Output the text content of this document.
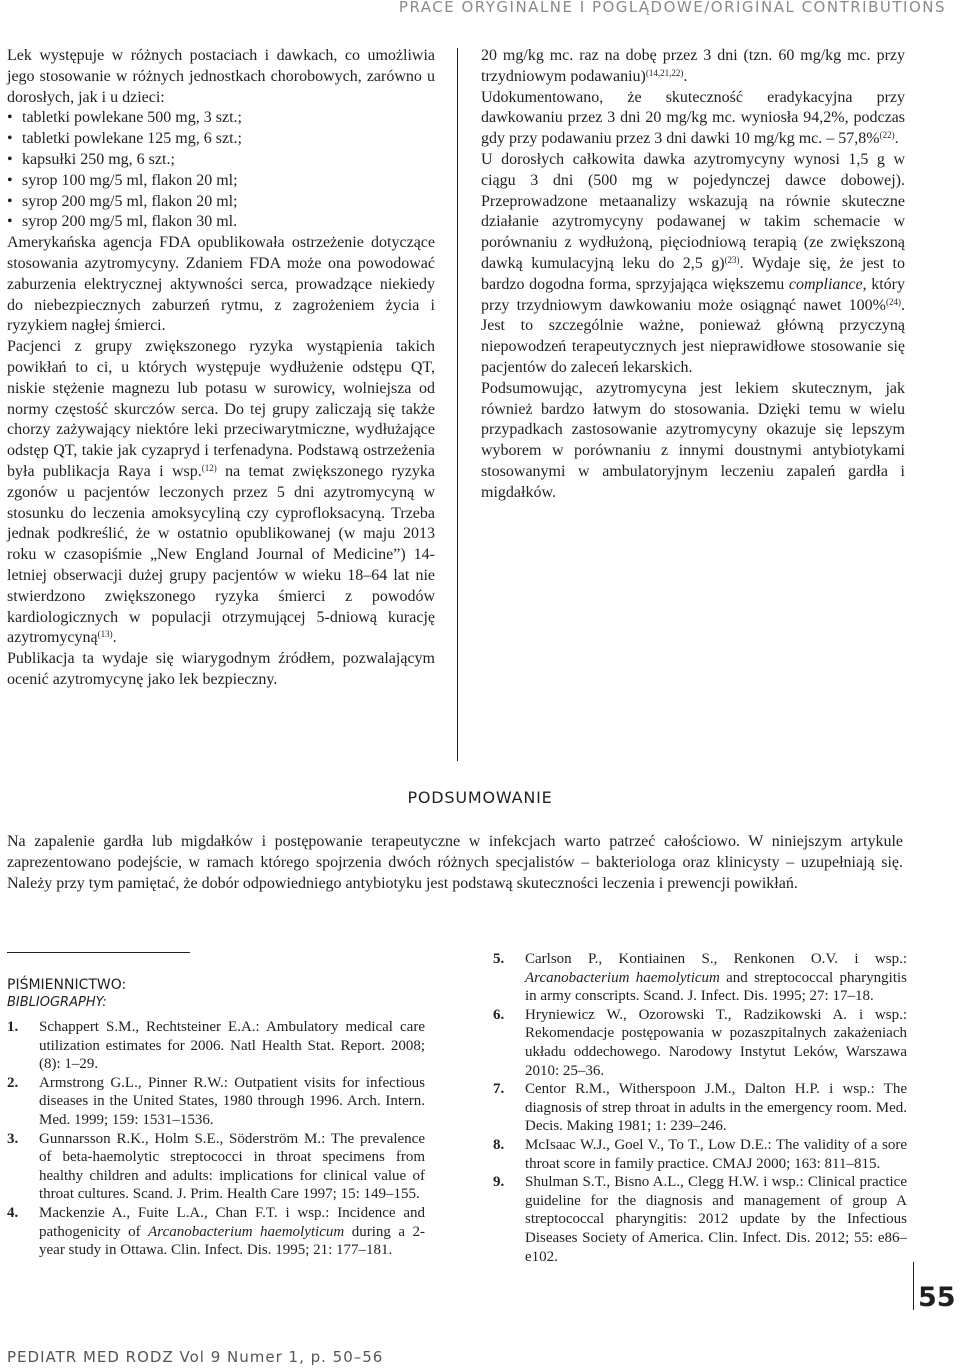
PRACE ORYGINALNE I POGLĄDOWE/ORIGINAL CONTRIBUTIONS

Lek występuje w różnych postaciach i dawkach, co umożliwia jego stosowanie w różnych jednostkach chorobowych, zarówno u dorosłych, jak i u dzieci:

• tabletki powlekane 500 mg, 3 szt.;
• tabletki powlekane 125 mg, 6 szt.;
• kapsułki 250 mg, 6 szt.;
• syrop 100 mg/5 ml, flakon 20 ml;
• syrop 200 mg/5 ml, flakon 20 ml;
• syrop 200 mg/5 ml, flakon 30 ml.

Amerykańska agencja FDA opublikowała ostrzeżenie dotyczące stosowania azytromycyny. Zdaniem FDA może ona powodować zaburzenia elektrycznej aktywności serca, prowadzące niekiedy do niebezpiecznych zaburzeń rytmu, z zagrożeniem życia i ryzykiem nagłej śmierci.

Pacjenci z grupy zwiększonego ryzyka wystąpienia takich powikłań to ci, u których występuje wydłużenie odstępu QT, niskie stężenie magnezu lub potasu w surowicy, wolniejsza od normy częstość skurczów serca. Do tej grupy zaliczają się także chorzy zażywający niektóre leki przeciwarytmiczne, wydłużające odstęp QT, takie jak cyzapryd i terfenadyna. Podstawą ostrzeżenia była publikacja Raya i wsp.$^{(12)}$ na temat zwiększonego ryzyka zgonów u pacjentów leczonych przez 5 dni azytromycyną w stosunku do leczenia amoksycyliną czy cyprofloksacyną. Trzeba jednak podkreślić, że w ostatnio opublikowanej (w maju 2013 roku w czasopiśmie „New England Journal of Medicine”) 14-letniej obserwacji dużej grupy pacjentów w wieku 18–64 lat nie stwierdzono zwiększonego ryzyka śmierci z powodów kardiologicznych w populacji otrzymującej 5-dniową kurację azytromycyną$^{(13)}$.

Publikacja ta wydaje się wiarygodnym źródłem, pozwalającym ocenić azytromycynę jako lek bezpieczny.

20 mg/kg mc. raz na dobę przez 3 dni (tzn. 60 mg/kg mc. przy trzydniowym podawaniu)$^{(14,21,22)}$.

Udokumentowano, że skuteczność eradykacyjna przy dawkowaniu przez 3 dni 20 mg/kg mc. wyniosła 94,2%, podczas gdy przy podawaniu przez 3 dni dawki 10 mg/kg mc. – 57,8%$^{(22)}$.

U dorosłych całkowita dawka azytromycyny wynosi 1,5 g w ciągu 3 dni (500 mg w pojedynczej dawce dobowej). Przeprowadzone metaanalizy wskazują na równie skuteczne działanie azytromycyny podawanej w takim schemacie w porównaniu z wydłużoną, pięciodniową terapią (ze zwiększoną dawką kumulacyjną leku do 2,5 g)$^{(23)}$. Wydaje się, że jest to bardzo dogodna forma, sprzyjająca większemu compliance, który przy trzydniowym dawkowaniu może osiągnąć nawet 100%$^{(24)}$. Jest to szczególnie ważne, ponieważ główną przyczyną niepowodzeń terapeutycznych jest nieprawidłowe stosowanie się pacjentów do zaleceń lekarskich.

Podsumowując, azytromycyna jest lekiem skutecznym, jak również bardzo łatwym do stosowania. Dzięki temu w wielu przypadkach zastosowanie azytromycyny okazuje się lepszym wyborem w porównaniu z innymi doustnymi antybiotykami stosowanymi w ambulatoryjnym leczeniu zapaleń gardła i migdałków.

PODSUMOWANIE

Na zapalenie gardła lub migdałków i postępowanie terapeutyczne w infekcjach warto patrzeć całościowo. W niniejszym artykule zaprezentowano podejście, w ramach którego spojrzenia dwóch różnych specjalistów – bakteriologa oraz klinicysty – uzupełniają się. Należy przy tym pamiętać, że dobór odpowiedniego antybiotyku jest podstawą skuteczności leczenia i prewencji powikłań.

PIŚMIENNICTWO:
BIBLIOGRAPHY:
1.	Schappert S.M., Rechtsteiner E.A.: Ambulatory medical care utilization estimates for 2006. Natl Health Stat. Report. 2008; (8): 1–29.
2.	Armstrong G.L., Pinner R.W.: Outpatient visits for infectious diseases in the United States, 1980 through 1996. Arch. Intern. Med. 1999; 159: 1531–1536.
3.	Gunnarsson R.K., Holm S.E., Söderström M.: The prevalence of beta-haemolytic streptococci in throat specimens from healthy children and adults: implications for clinical value of throat cultures. Scand. J. Prim. Health Care 1997; 15: 149–155.
4.	Mackenzie A., Fuite L.A., Chan F.T. i wsp.: Incidence and pathogenicity of Arcanobacterium haemolyticum during a 2-year study in Ottawa. Clin. Infect. Dis. 1995; 21: 177–181.
5.	Carlson P., Kontiainen S., Renkonen O.V. i wsp.: Arcanobacterium haemolyticum and streptococcal pharyngitis in army conscripts. Scand. J. Infect. Dis. 1995; 27: 17–18.
6.	Hryniewicz W., Ozorowski T., Radzikowski A. i wsp.: Rekomendacje postępowania w pozaszpitalnych zakażeniach układu oddechowego. Narodowy Instytut Leków, Warszawa 2010: 25–36.
7.	Centor R.M., Witherspoon J.M., Dalton H.P. i wsp.: The diagnosis of strep throat in adults in the emergency room. Med. Decis. Making 1981; 1: 239–246.
8.	McIsaac W.J., Goel V., To T., Low D.E.: The validity of a sore throat score in family practice. CMAJ 2000; 163: 811–815.
9.	Shulman S.T., Bisno A.L., Clegg H.W. i wsp.: Clinical practice guideline for the diagnosis and management of group A streptococcal pharyngitis: 2012 update by the Infectious Diseases Society of America. Clin. Infect. Dis. 2012; 55: e86–e102.
55
PEDIATR MED RODZ Vol 9 Numer 1, p. 50–56
